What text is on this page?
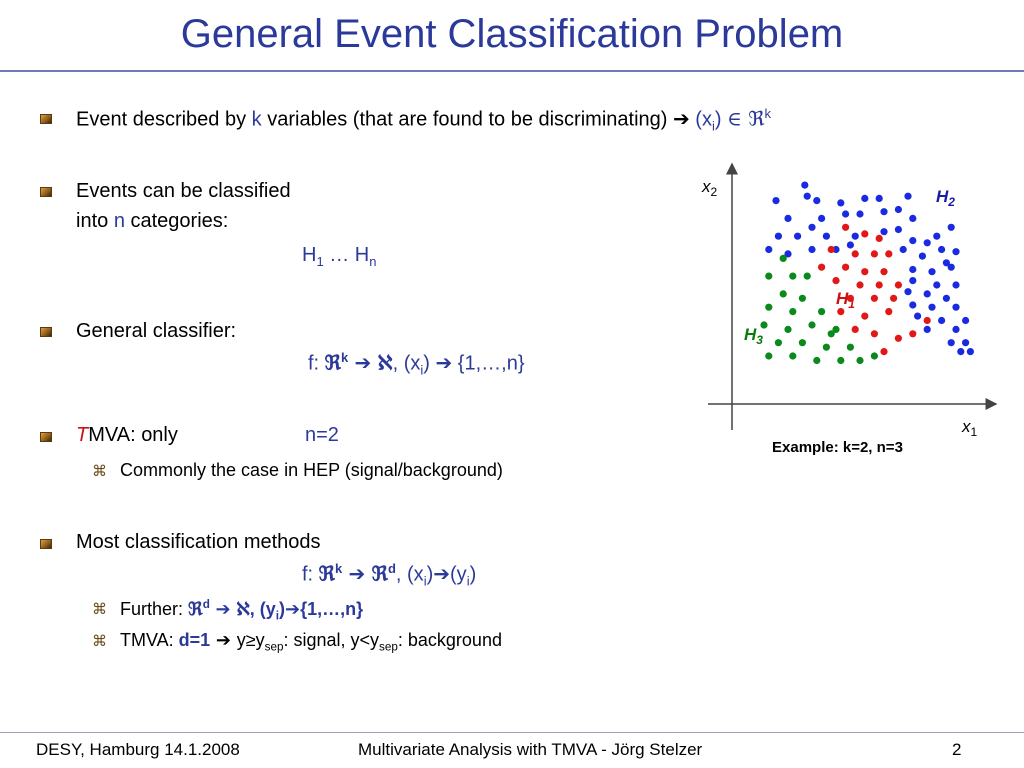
General Event Classification Problem
Event described by k variables (that are found to be discriminating) ➔ $(x_i)$ ∈ ℜ$^k$
Events can be classified
into n categories:
$H_1$ … $H_n$
General classifier:
f: ℜ$^k$ ➔ ℵ, $(x_i)$ ➔ {1,…,n}
TMVA: only	n=2
⌘ Commonly the case in HEP (signal/background)
Most classification methods
f: ℜ$^k$ ➔ ℜ$^d$, $(x_i)➔(y_i)$
⌘ Further: ℜ$^d$ ➔ ℵ, $(y_i)➔\{1,\dots,n\}$
⌘ TMVA: d=1 ➔ $y\ge y_{sep}$: signal, $y<y_{sep}$: background
$x_2$
$x_1$
$H_2$
$H_1$
$H_3$
Example: k=2, n=3
DESY, Hamburg 14.1.2008	Multivariate Analysis with TMVA - Jörg Stelzer	2
